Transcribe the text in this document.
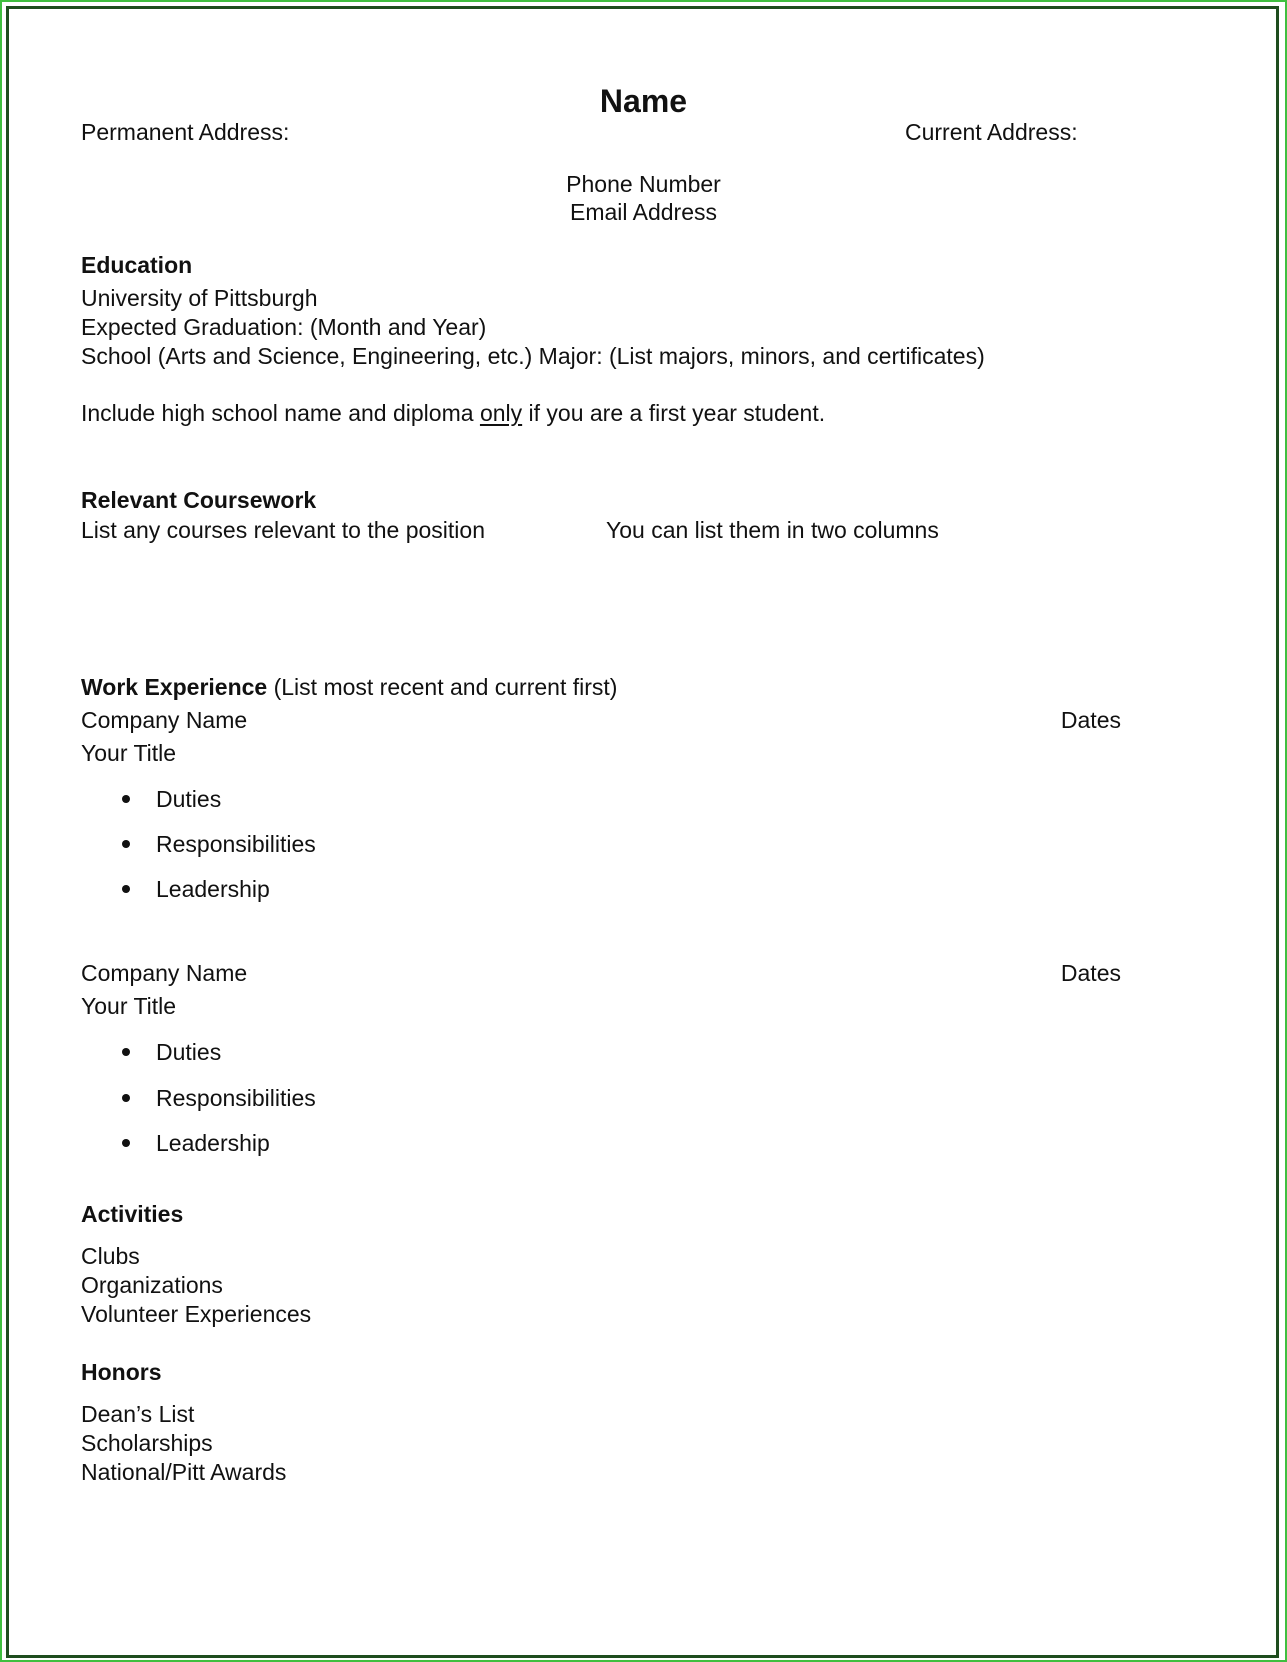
Name
Permanent Address:	Current Address:
Phone Number
Email Address
Education
University of Pittsburgh
Expected Graduation: (Month and Year)
School (Arts and Science, Engineering, etc.) Major: (List majors, minors, and certificates)
Include high school name and diploma only if you are a first year student.
Relevant Coursework
List any courses relevant to the position	You can list them in two columns
Work Experience (List most recent and current first)
Company Name	Dates
Your Title
Duties
Responsibilities
Leadership
Company Name	Dates
Your Title
Duties
Responsibilities
Leadership
Activities
Clubs
Organizations
Volunteer Experiences
Honors
Dean’s List
Scholarships
National/Pitt Awards
